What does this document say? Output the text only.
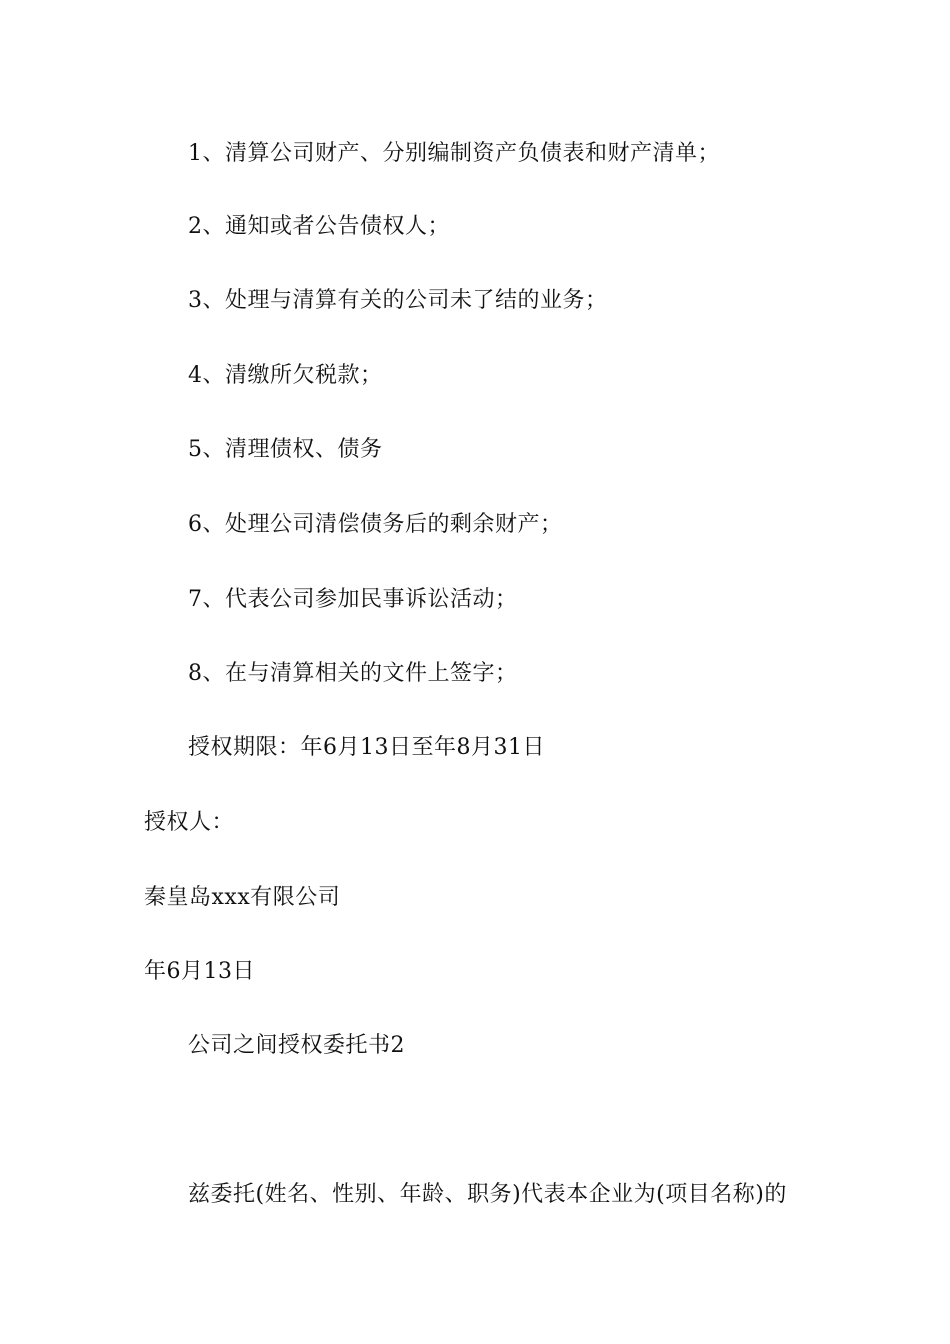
1、清算公司财产、分别编制资产负债表和财产清单；
2、通知或者公告债权人；
3、处理与清算有关的公司未了结的业务；
4、清缴所欠税款；
5、清理债权、债务
6、处理公司清偿债务后的剩余财产；
7、代表公司参加民事诉讼活动；
8、在与清算相关的文件上签字；
授权期限：年6月13日至年8月31日
授权人：
秦皇岛xxx有限公司
年6月13日
公司之间授权委托书2
兹委托(姓名、性别、年龄、职务)代表本企业为(项目名称)的
